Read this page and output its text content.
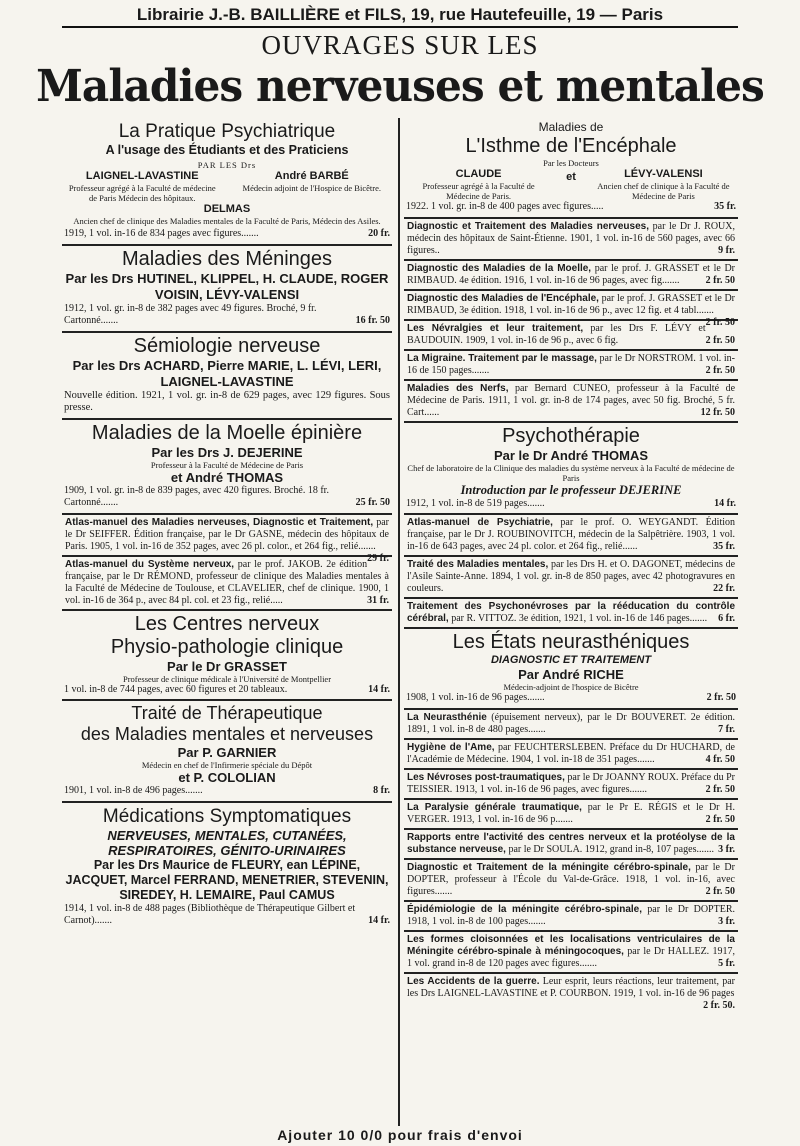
Librairie J.-B. BAILLIÈRE et FILS, 19, rue Hautefeuille, 19 — Paris
OUVRAGES SUR LES
Maladies nerveuses et mentales
La Pratique Psychiatrique
A l'usage des Étudiants et des Praticiens
PAR LES Drs
LAIGNEL-LAVASTINE
Professeur agrégé à la Faculté de médecine de Paris Médecin des hôpitaux.
André BARBÉ
Médecin adjoint de l'Hospice de Bicêtre.
DELMAS
Ancien chef de clinique des Maladies mentales de la Faculté de Paris, Médecin des Asiles.
1919, 1 vol. in-16 de 834 pages avec figures.......	20 fr.
Maladies des Méninges
Par les Drs HUTINEL, KLIPPEL, H. CLAUDE, ROGER VOISIN, LÉVY-VALENSI
1912, 1 vol. gr. in-8 de 382 pages avec 49 figures. Broché, 9 fr. Cartonné.......	16 fr. 50
Sémiologie nerveuse
Par les Drs ACHARD, Pierre MARIE, L. LÉVI, LERI, LAIGNEL-LAVASTINE
Nouvelle édition. 1921, 1 vol. gr. in-8 de 629 pages, avec 129 figures. Sous presse.
Maladies de la Moelle épinière
Par les Drs J. DEJERINE
Professeur à la Faculté de Médecine de Paris
et André THOMAS
1909, 1 vol. gr. in-8 de 839 pages, avec 420 figures. Broché. 18 fr. Cartonné.......	25 fr. 50
Atlas-manuel des Maladies nerveuses, Diagnostic et Traitement, par le Dr SEIFFER. Édition française, par le Dr GASNE, médecin des hôpitaux de Paris. 1905, 1 vol. in-16 de 352 pages, avec 26 pl. color., et 264 fig., relié.......
29 fr.
Atlas-manuel du Système nerveux, par le prof. JAKOB. 2e édition française, par le Dr RÉMOND, professeur de clinique des Maladies mentales à la Faculté de Médecine de Toulouse, et CLAVELIER, chef de clinique. 1900, 1 vol. in-16 de 364 p., avec 84 pl. col. et 23 fig., relié.....	31 fr.
Les Centres nerveux
Physio-pathologie clinique
Par le Dr GRASSET
Professeur de clinique médicale à l'Université de Montpellier
1 vol. in-8 de 744 pages, avec 60 figures et 20 tableaux.	14 fr.
Traité de Thérapeutique
des Maladies mentales et nerveuses
Par P. GARNIER
Médecin en chef de l'Infirmerie spéciale du Dépôt
et P. COLOLIAN
1901, 1 vol. in-8 de 496 pages.......	8 fr.
Médications Symptomatiques
NERVEUSES, MENTALES, CUTANÉES,
RESPIRATOIRES, GÉNITO-URINAIRES
Par les Drs Maurice de FLEURY, ean LÉPINE, JACQUET, Marcel FERRAND, MENETRIER, STEVENIN, SIREDEY, H. LEMAIRE, Paul CAMUS
1914, 1 vol. in-8 de 488 pages (Bibliothèque de Thérapeutique Gilbert et Carnot).......	14 fr.
Maladies de
L'Isthme de l'Encéphale
Par les Docteurs
CLAUDE
Professeur agrégé à la Faculté de Médecine de Paris.
et	LÉVY-VALENSI
Ancien chef de clinique à la Faculté de Médecine de Paris
1922. 1 vol. gr. in-8 de 400 pages avec figures.....	35 fr.
Diagnostic et Traitement des Maladies nerveuses, par le Dr J. ROUX, médecin des hôpitaux de Saint-Étienne. 1901, 1 vol. in-16 de 560 pages, avec 66 figures..	9 fr.
Diagnostic des Maladies de la Moelle, par le prof. J. GRASSET et le Dr RIMBAUD. 4e édition. 1916, 1 vol. in-16 de 96 pages, avec fig.......	2 fr. 50
Diagnostic des Maladies de l'Encéphale, par le prof. J. GRASSET et le Dr RIMBAUD, 3e édition. 1918, 1 vol. in-16 de 96 p., avec 12 fig. et 4 tabl.......
2 fr. 50
Les Névralgies et leur traitement, par les Drs F. LÉVY et BAUDOUIN. 1909, 1 vol. in-16 de 96 p., avec 6 fig.	2 fr. 50
La Migraine. Traitement par le massage, par le Dr NORSTROM. 1 vol. in-16 de 150 pages.......	2 fr. 50
Maladies des Nerfs, par Bernard CUNEO, professeur à la Faculté de Médecine de Paris. 1911, 1 vol. gr. in-8 de 174 pages, avec 50 fig. Broché, 5 fr. Cart......	12 fr. 50
Psychothérapie
Par le Dr André THOMAS
Chef de laboratoire de la Clinique des maladies du système nerveux à la Faculté de médecine de Paris
Introduction par le professeur DEJERINE
1912, 1 vol. in-8 de 519 pages.......	14 fr.
Atlas-manuel de Psychiatrie, par le prof. O. WEYGANDT. Édition française, par le Dr J. ROUBINOVITCH, médecin de la Salpêtrière. 1903, 1 vol. in-16 de 643 pages, avec 24 pl. color. et 264 fig., relié......	35 fr.
Traité des Maladies mentales, par les Drs H. et O. DAGONET, médecins de l'Asile Sainte-Anne. 1894, 1 vol. gr. in-8 de 850 pages, avec 42 photogravures en couleurs.	22 fr.
Traitement des Psychonévroses par la rééducation du contrôle cérébral, par R. VITTOZ. 3e édition, 1921, 1 vol. in-16 de 146 pages....... 6 fr.
Les États neurasthéniques
DIAGNOSTIC ET TRAITEMENT
Par André RICHE
Médecin-adjoint de l'hospice de Bicêtre
1908, 1 vol. in-16 de 96 pages.......	2 fr. 50
La Neurasthénie (épuisement nerveux), par le Dr BOUVERET. 2e édition. 1891, 1 vol. in-8 de 480 pages.......	7 fr.
Hygiène de l'Ame, par FEUCHTERSLEBEN. Préface du Dr HUCHARD, de l'Académie de Médecine. 1904, 1 vol. in-18 de 351 pages.......	4 fr. 50
Les Névroses post-traumatiques, par le Dr JOANNY ROUX. Préface du Pr TEISSIER. 1913, 1 vol. in-16 de 96 pages, avec figures.......	2 fr. 50
La Paralysie générale traumatique, par le Pr E. RÉGIS et le Dr H. VERGER. 1913, 1 vol. in-16 de 96 p.......	2 fr. 50
Rapports entre l'activité des centres nerveux et la protéolyse de la substance nerveuse, par le Dr SOULA. 1912, grand in-8, 107 pages....... 3 fr.
Diagnostic et Traitement de la méningite cérébro-spinale, par le Dr DOPTER, professeur à l'École du Val-de-Grâce. 1918, 1 vol. in-16, avec figures.......	2 fr. 50
Épidémiologie de la méningite cérébro-spinale, par le Dr DOPTER. 1918, 1 vol. in-8 de 100 pages.......	3 fr.
Les formes cloisonnées et les localisations ventriculaires de la Méningite cérébro-spinale à méningocoques, par le Dr HALLEZ. 1917, 1 vol. grand in-8 de 120 pages avec figures.......	5 fr.
Les Accidents de la guerre. Leur esprit, leurs réactions, leur traitement, par les Drs LAIGNEL-LAVASTINE et P. COURBON. 1919, 1 vol. in-16 de 96 pages
2 fr. 50.
Ajouter 10 0/0 pour frais d'envoi
